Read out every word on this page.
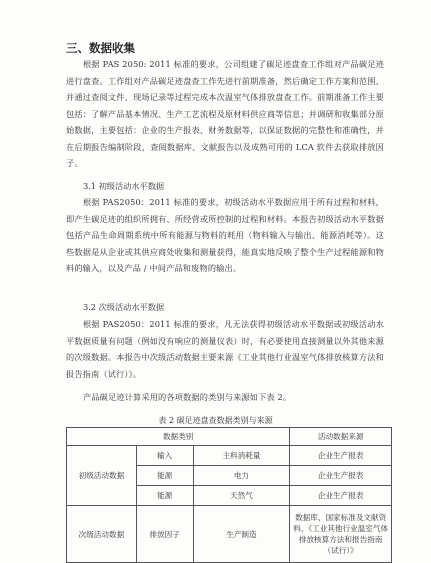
三、数据收集

根据 PAS 2050: 2011 标准的要求，公司组建了碳足迹盘查工作组对产品碳足迹进行盘查。工作组对产品碳足迹盘查工作先进行前期准备，然后确定工作方案和范围、并通过查阅文件、现场记录等过程完成本次温室气体排放盘查工作。前期准备工作主要包括：了解产品基本情况、生产工艺流程及原材料供应商等信息；并调研和收集部分原始数据，主要包括：企业的生产报表、财务数据等，以保证数据的完整性和准确性，并在后期报告编制阶段，查阅数据库、文献报告以及成熟可用的 LCA 软件去获取排放因子。

3.1 初级活动水平数据

根据 PAS2050：2011 标准的要求，初级活动水平数据应用于所有过程和材料，即产生碳足迹的组织所拥有、所经营或所控制的过程和材料。本报告初级活动水平数据包括产品生命周期系统中所有能源与物料的耗用（物料输入与输出、能源消耗等）。这些数据是从企业或其供应商处收集和测量获得，能真实地反映了整个生产过程能源和物料的输入，以及产品 / 中间产品和废物的输出。

3.2 次级活动水平数据

根据 PAS2050：2011 标准的要求，凡无法获得初级活动水平数据或初级活动水平数据质量有问题（例如没有响应的测量仪表）时，有必要使用直接测量以外其他来源的次级数据。本报告中次级活动数据主要来源《工业其他行业温室气体排放核算方法和报告指南（试行）》。

产品碳足迹计算采用的各项数据的类别与来源如下表 2。

表 2 碳足迹盘查数据类别与来源
数据类别			活动数据来源
初级活动数据	输入	主料消耗量	企业生产报表
	能源	电力	企业生产报表
	能源	天然气	企业生产报表
次级活动数据	排放因子	生产制造	数据库、国家标准及文献资料、《工业其他行业温室气体排放核算方法和报告指南（试行）》
